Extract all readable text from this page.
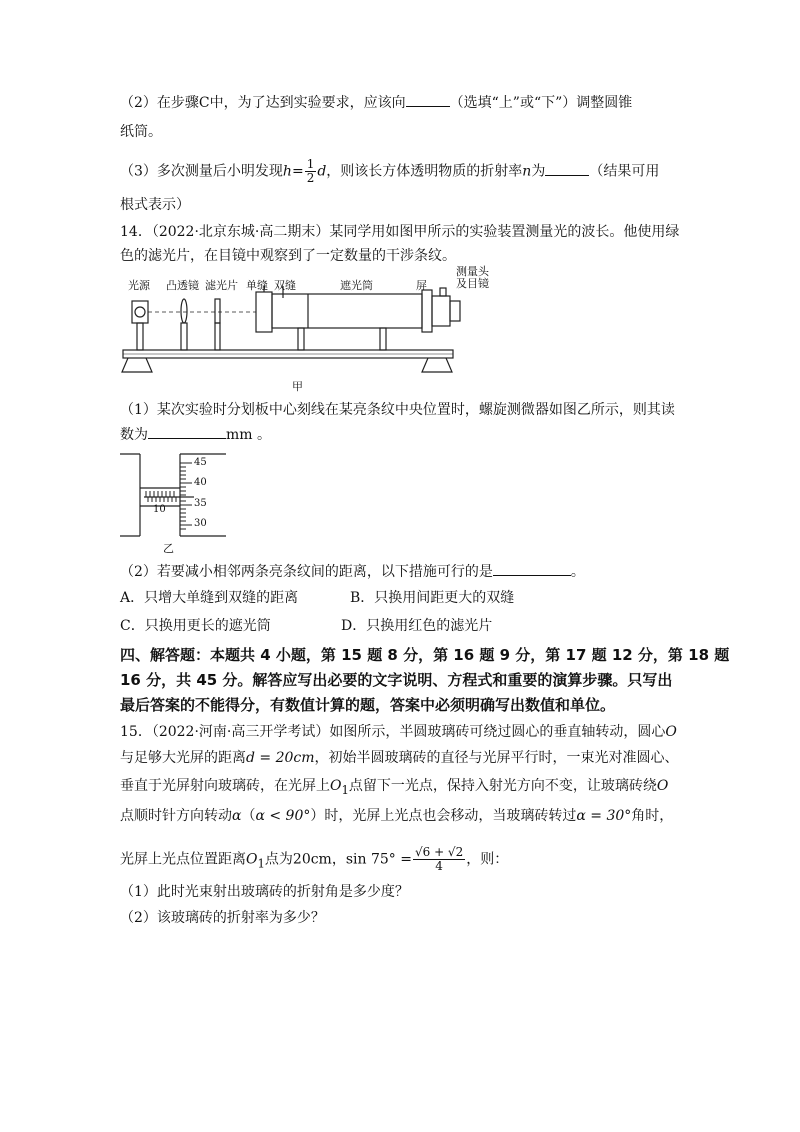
（2）在步骤C中，为了达到实验要求，应该向	（选填“上”或“下”）调整圆锥
纸筒。
（3）多次测量后小明发现$h= \frac{1}{2}$ d，则该长方体透明物质的折射率n为	（结果可用
根式表示）
14．（2022·北京东城·高二期末）某同学用如图甲所示的实验装置测量光的波长。他使用绿
色的滤光片，在目镜中观察到了一定数量的干涉条纹。
光源 凸透镜 滤光片 单缝 双缝	遮光筒	屏
测量头及目镜
甲
（1）某次实验时分划板中心刻线在某亮条纹中央位置时，螺旋测微器如图乙所示，则其读
数为	mm 。
45
40
35
30
10
乙
（2）若要减小相邻两条亮条纹间的距离，以下措施可行的是	。
A．只增大单缝到双缝的距离	B．只换用间距更大的双缝
C．只换用更长的遮光筒	D．只换用红色的滤光片
四、解答题：本题共 4 小题，第 15 题 8 分，第 16 题 9 分，第 17 题 12 分，第 18 题
16 分，共 45 分。解答应写出必要的文字说明、方程式和重要的演算步骤。只写出
最后答案的不能得分，有数值计算的题，答案中必须明确写出数值和单位。
15．（2022·河南·高三开学考试）如图所示，半圆玻璃砖可绕过圆心的垂直轴转动，圆心O
与足够大光屏的距离d = 20cm，初始半圆玻璃砖的直径与光屏平行时，一束光对准圆心、
垂直于光屏射向玻璃砖，在光屏上$O_1$点留下一光点，保持入射光方向不变，让玻璃砖绕O
点顺时针方向转动α（α < 90°）时，光屏上光点也会移动，当玻璃砖转过α = 30°角时，
光屏上光点位置距离$O_1$点为20cm，$\sin 75^\circ = \frac{√6 + √2}{4}$ ，则：
（1）此时光束射出玻璃砖的折射角是多少度？
（2）该玻璃砖的折射率为多少？
